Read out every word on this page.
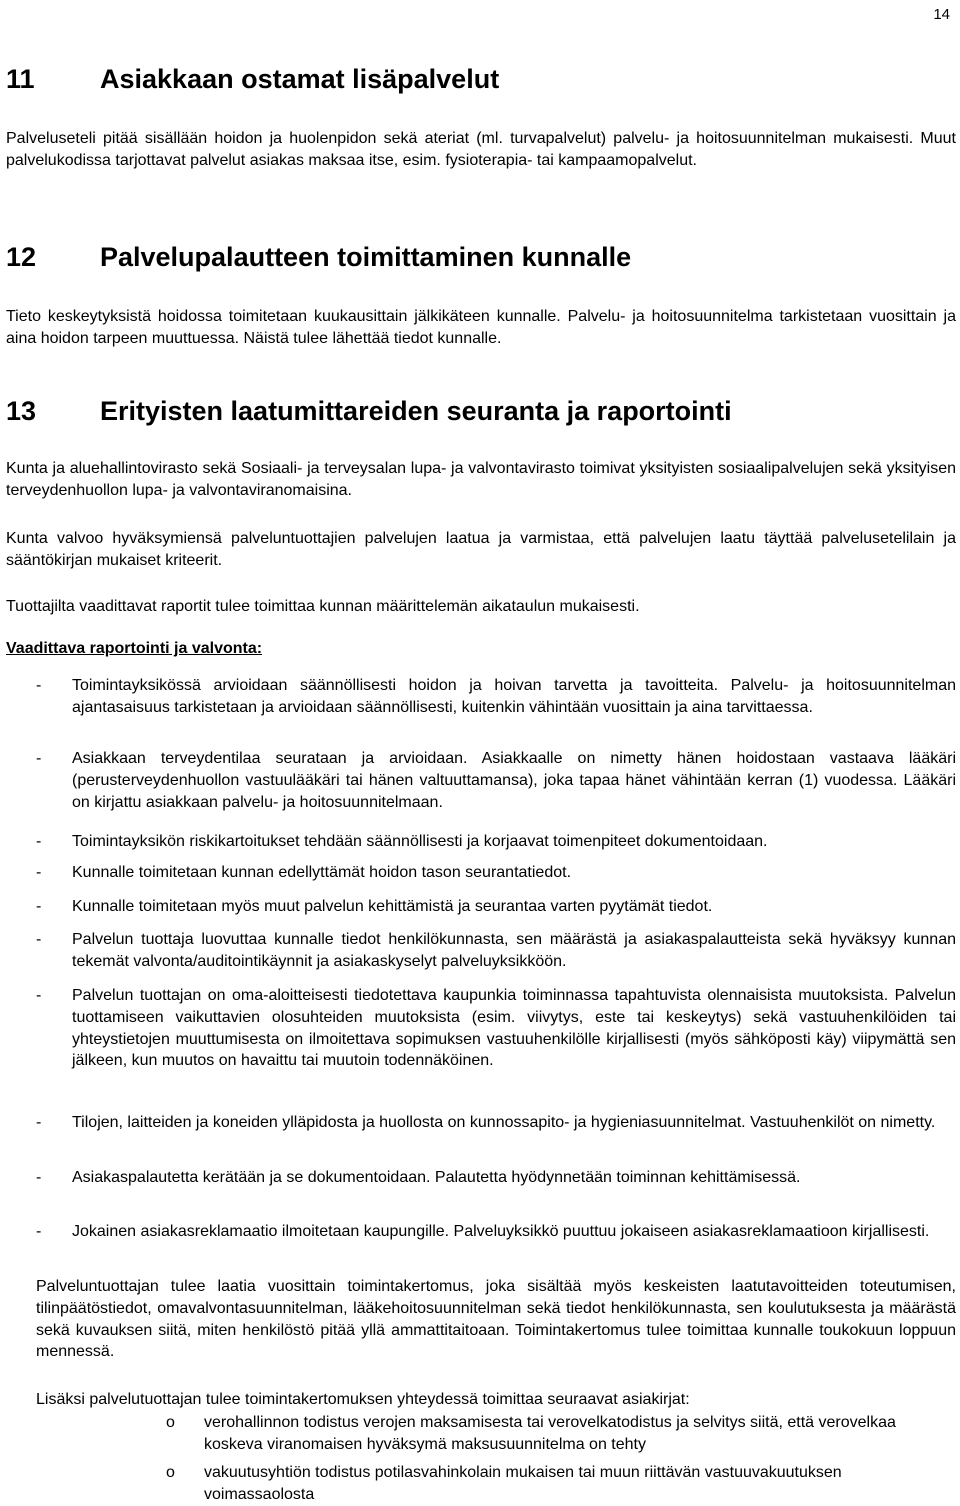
14
11 Asiakkaan ostamat lisäpalvelut
Palveluseteli pitää sisällään hoidon ja huolenpidon sekä ateriat (ml. turvapalvelut) palvelu- ja hoitosuunnitelman mukaisesti. Muut palvelukodissa tarjottavat palvelut asiakas maksaa itse, esim. fysioterapia- tai kampaamopalvelut.
12 Palvelupalautteen toimittaminen kunnalle
Tieto keskeytyksistä hoidossa toimitetaan kuukausittain jälkikäteen kunnalle. Palvelu- ja hoitosuunnitelma tarkistetaan vuosittain ja aina hoidon tarpeen muuttuessa. Näistä tulee lähettää tiedot kunnalle.
13 Erityisten laatumittareiden seuranta ja raportointi
Kunta ja aluehallintovirasto sekä Sosiaali- ja terveysalan lupa- ja valvontavirasto toimivat yksityisten sosiaalipalvelujen sekä yksityisen terveydenhuollon lupa- ja valvontaviranomaisina.
Kunta valvoo hyväksymiensä palveluntuottajien palvelujen laatua ja varmistaa, että palvelujen laatu täyttää palvelusetelilain ja sääntökirjan mukaiset kriteerit.
Tuottajilta vaadittavat raportit tulee toimittaa kunnan määrittelemän aikataulun mukaisesti.
Vaadittava raportointi ja valvonta:
-	Toimintayksikössä arvioidaan säännöllisesti hoidon ja hoivan tarvetta ja tavoitteita. Palvelu- ja hoitosuunnitelman ajantasaisuus tarkistetaan ja arvioidaan säännöllisesti, kuitenkin vähintään vuosittain ja aina tarvittaessa.
-	Asiakkaan terveydentilaa seurataan ja arvioidaan. Asiakkaalle on nimetty hänen hoidostaan vastaava lääkäri (perusterveydenhuollon vastuulääkäri tai hänen valtuuttamansa), joka tapaa hänet vähintään kerran (1) vuodessa. Lääkäri on kirjattu asiakkaan palvelu- ja hoitosuunnitelmaan.
-	Toimintayksikön riskikartoitukset tehdään säännöllisesti ja korjaavat toimenpiteet dokumentoidaan.
-	Kunnalle toimitetaan kunnan edellyttämät hoidon tason seurantatiedot.
-	Kunnalle toimitetaan myös muut palvelun kehittämistä ja seurantaa varten pyytämät tiedot.
-	Palvelun tuottaja luovuttaa kunnalle tiedot henkilökunnasta, sen määrästä ja asiakaspalautteista sekä hyväksyy kunnan tekemät valvonta/auditointikäynnit ja asiakaskyselyt palveluyksikköön.
-	Palvelun tuottajan on oma-aloitteisesti tiedotettava kaupunkia toiminnassa tapahtuvista olennaisista muutoksista. Palvelun tuottamiseen vaikuttavien olosuhteiden muutoksista (esim. viivytys, este tai keskeytys) sekä vastuuhenkilöiden tai yhteystietojen muuttumisesta on ilmoitettava sopimuksen vastuuhenkilölle kirjallisesti (myös sähköposti käy) viipymättä sen jälkeen, kun muutos on havaittu tai muutoin todennäköinen.
-	Tilojen, laitteiden ja koneiden ylläpidosta ja huollosta on kunnossapito- ja hygieniasuunnitelmat. Vastuuhenkilöt on nimetty.
-	Asiakaspalautetta kerätään ja se dokumentoidaan. Palautetta hyödynnetään toiminnan kehittämisessä.
-	Jokainen asiakasreklamaatio ilmoitetaan kaupungille. Palveluyksikkö puuttuu jokaiseen asiakasreklamaatioon kirjallisesti.
Palveluntuottajan tulee laatia vuosittain toimintakertomus, joka sisältää myös keskeisten laatutavoitteiden toteutumisen, tilinpäätöstiedot, omavalvontasuunnitelman, lääkehoitosuunnitelman sekä tiedot henkilökunnasta, sen koulutuksesta ja määrästä sekä kuvauksen siitä, miten henkilöstö pitää yllä ammattitaitoaan. Toimintakertomus tulee toimittaa kunnalle toukokuun loppuun mennessä.
Lisäksi palvelutuottajan tulee toimintakertomuksen yhteydessä toimittaa seuraavat asiakirjat:
o verohallinnon todistus verojen maksamisesta tai verovelkatodistus ja selvitys siitä, että verovelkaa koskeva viranomaisen hyväksymä maksusuunnitelma on tehty
o vakuutusyhtiön todistus potilasvahinkolain mukaisen tai muun riittävän vastuuvakuutuksen voimassaolosta
